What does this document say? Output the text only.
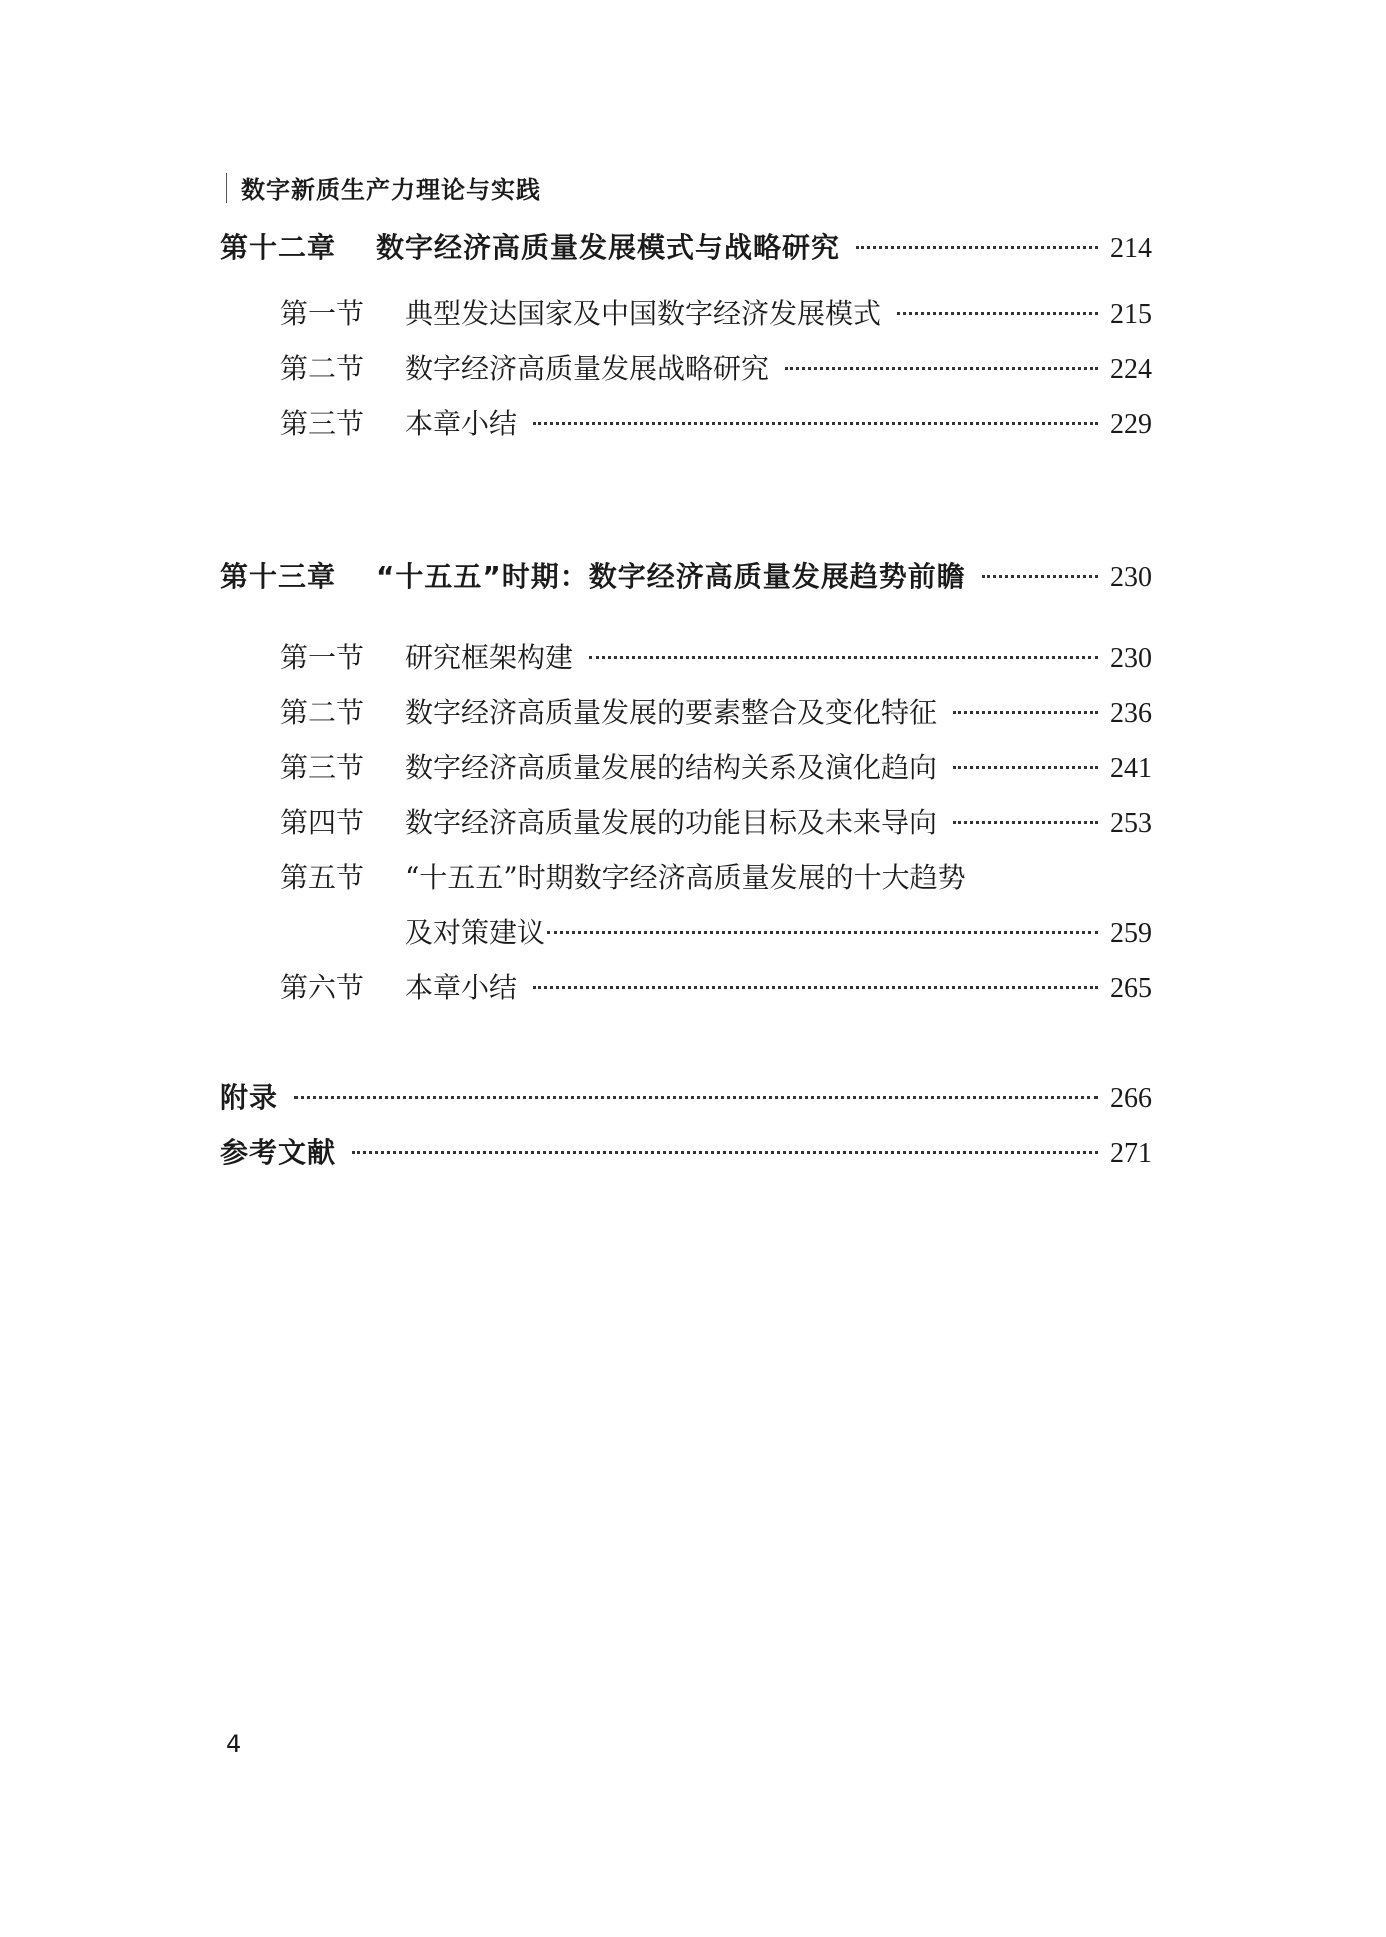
数字新质生产力理论与实践
第十二章	数字经济高质量发展模式与战略研究	214
第一节	典型发达国家及中国数字经济发展模式	215
第二节	数字经济高质量发展战略研究	224
第三节	本章小结	229
第十三章	“十五五”时期：数字经济高质量发展趋势前瞻	230
第一节	研究框架构建	230
第二节	数字经济高质量发展的要素整合及变化特征	236
第三节	数字经济高质量发展的结构关系及演化趋向	241
第四节	数字经济高质量发展的功能目标及未来导向	253
第五节	“十五五”时期数字经济高质量发展的十大趋势
及对策建议	259
第六节	本章小结	265
附录	266
参考文献	271
4
